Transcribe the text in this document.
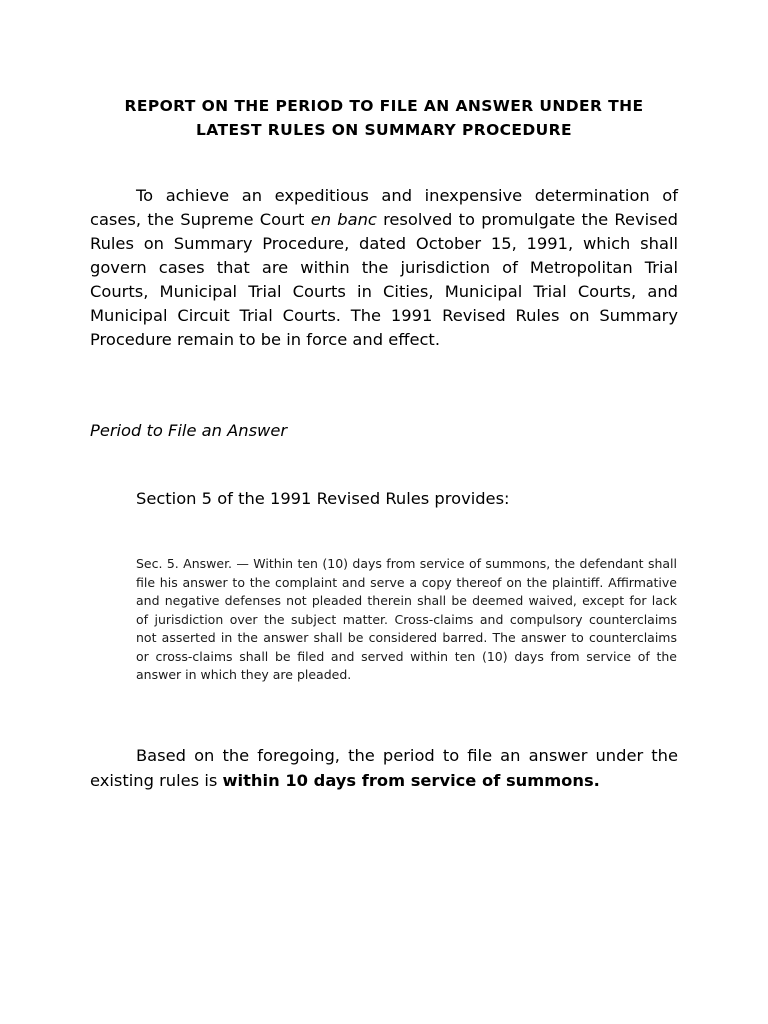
REPORT ON THE PERIOD TO FILE AN ANSWER UNDER THE
LATEST RULES ON SUMMARY PROCEDURE

To achieve an expeditious and inexpensive determination of cases, the Supreme Court en banc resolved to promulgate the Revised Rules on Summary Procedure, dated October 15, 1991, which shall govern cases that are within the jurisdiction of Metropolitan Trial Courts, Municipal Trial Courts in Cities, Municipal Trial Courts, and Municipal Circuit Trial Courts. The 1991 Revised Rules on Summary Procedure remain to be in force and effect.

Period to File an Answer
Section 5 of the 1991 Revised Rules provides:

Sec. 5. Answer. — Within ten (10) days from service of summons, the defendant shall file his answer to the complaint and serve a copy thereof on the plaintiff. Affirmative and negative defenses not pleaded therein shall be deemed waived, except for lack of jurisdiction over the subject matter. Cross-claims and compulsory counterclaims not asserted in the answer shall be considered barred. The answer to counterclaims or cross-claims shall be filed and served within ten (10) days from service of the answer in which they are pleaded.

Based on the foregoing, the period to file an answer under the existing rules is within 10 days from service of summons.
